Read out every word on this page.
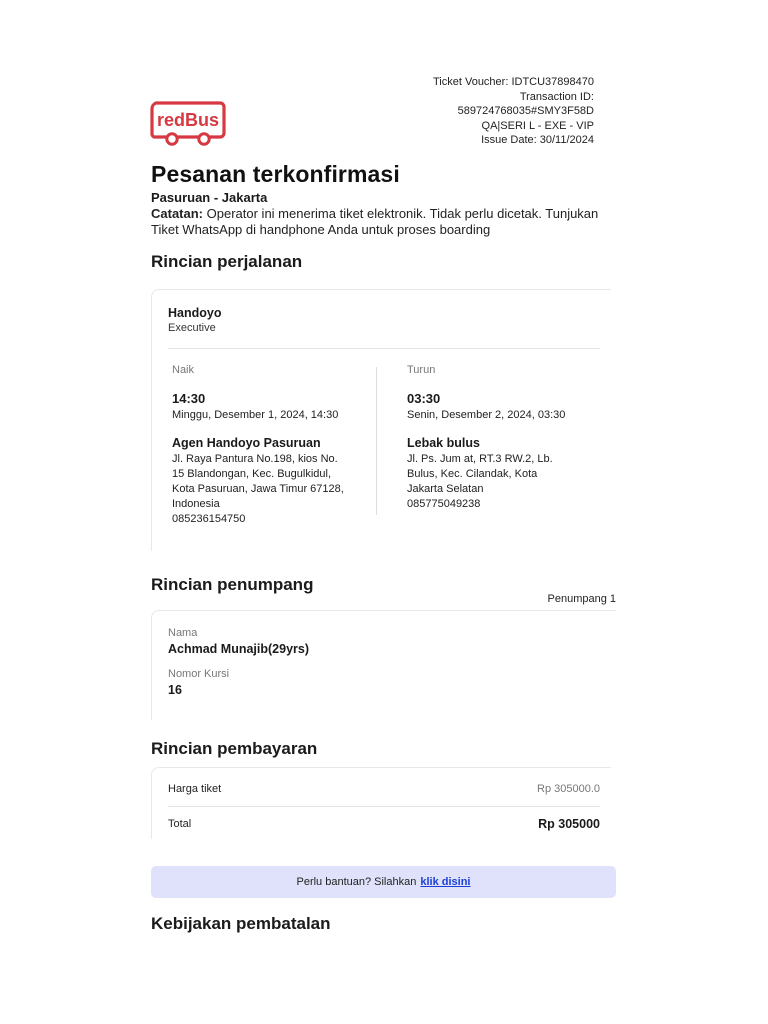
Ticket Voucher: IDTCU37898470
Transaction ID:
589724768035#SMY3F58D
QA|SERI L - EXE - VIP
Issue Date: 30/11/2024
redBus
Pesanan terkonfirmasi
Pasuruan - Jakarta
Catatan: Operator ini menerima tiket elektronik. Tidak perlu dicetak. Tunjukan Tiket WhatsApp di handphone Anda untuk proses boarding
Rincian perjalanan
Handoyo
Executive
Naik
14:30
Minggu, Desember 1, 2024, 14:30
Agen Handoyo Pasuruan
Jl. Raya Pantura No.198, kios No. 15 Blandongan, Kec. Bugulkidul, Kota Pasuruan, Jawa Timur 67128, Indonesia
085236154750
Turun
03:30
Senin, Desember 2, 2024, 03:30
Lebak bulus
Jl. Ps. Jum at, RT.3 RW.2, Lb. Bulus, Kec. Cilandak, Kota Jakarta Selatan
085775049238
Rincian penumpang
Penumpang 1
Nama
Achmad Munajib(29yrs)
Nomor Kursi
16
Rincian pembayaran
Harga tiket	Rp 305000.0
Total	Rp 305000
Perlu bantuan? Silahkan klik disini
Kebijakan pembatalan
